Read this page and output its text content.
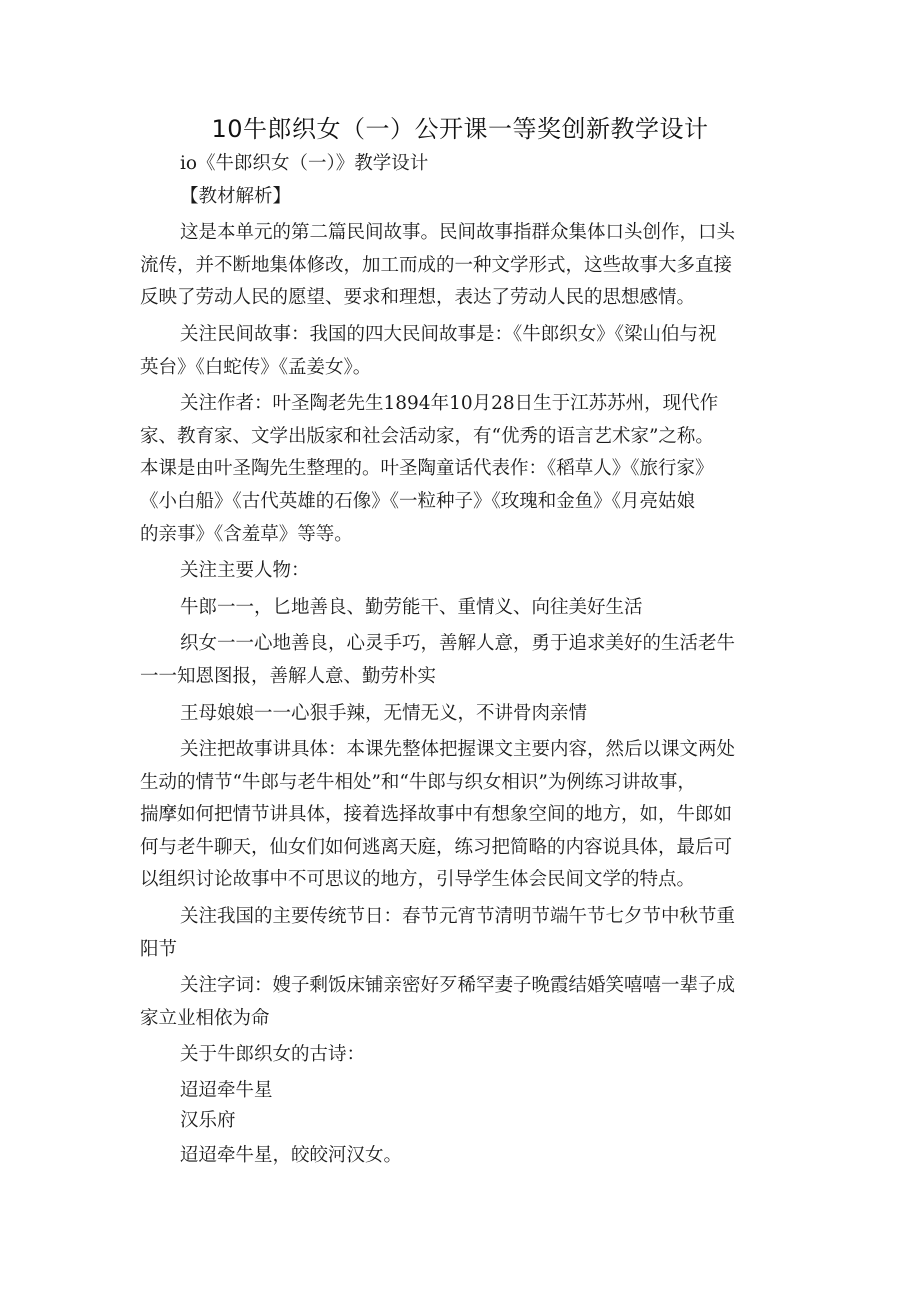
10牛郎织女（一）公开课一等奖创新教学设计
io《牛郎织女（一）》教学设计
【教材解析】
这是本单元的第二篇民间故事。民间故事指群众集体口头创作，口头
流传，并不断地集体修改，加工而成的一种文学形式，这些故事大多直接
反映了劳动人民的愿望、要求和理想，表达了劳动人民的思想感情。
关注民间故事：我国的四大民间故事是：《牛郎织女》《梁山伯与祝
英台》《白蛇传》《孟姜女》。
关注作者：叶圣陶老先生1894年10月28日生于江苏苏州，现代作
家、教育家、文学出版家和社会活动家，有“优秀的语言艺术家”之称。
本课是由叶圣陶先生整理的。叶圣陶童话代表作：《稻草人》《旅行家》
《小白船》《古代英雄的石像》《一粒种子》《玫瑰和金鱼》《月亮姑娘
的亲事》《含羞草》等等。
关注主要人物：
牛郎一一，匕地善良、勤劳能干、重情义、向往美好生活
织女一一心地善良，心灵手巧，善解人意，勇于追求美好的生活老牛
一一知恩图报，善解人意、勤劳朴实
王母娘娘一一心狠手辣，无情无义，不讲骨肉亲情
关注把故事讲具体：本课先整体把握课文主要内容，然后以课文两处
生动的情节“牛郎与老牛相处”和“牛郎与织女相识”为例练习讲故事，
揣摩如何把情节讲具体，接着选择故事中有想象空间的地方，如，牛郎如
何与老牛聊天，仙女们如何逃离天庭，练习把简略的内容说具体，最后可
以组织讨论故事中不可思议的地方，引导学生体会民间文学的特点。
关注我国的主要传统节日：春节元宵节清明节端午节七夕节中秋节重
阳节
关注字词：嫂子剩饭床铺亲密好歹稀罕妻子晚霞结婚笑嘻嘻一辈子成
家立业相依为命
关于牛郎织女的古诗：
迢迢牵牛星
汉乐府
迢迢牵牛星，皎皎河汉女。
